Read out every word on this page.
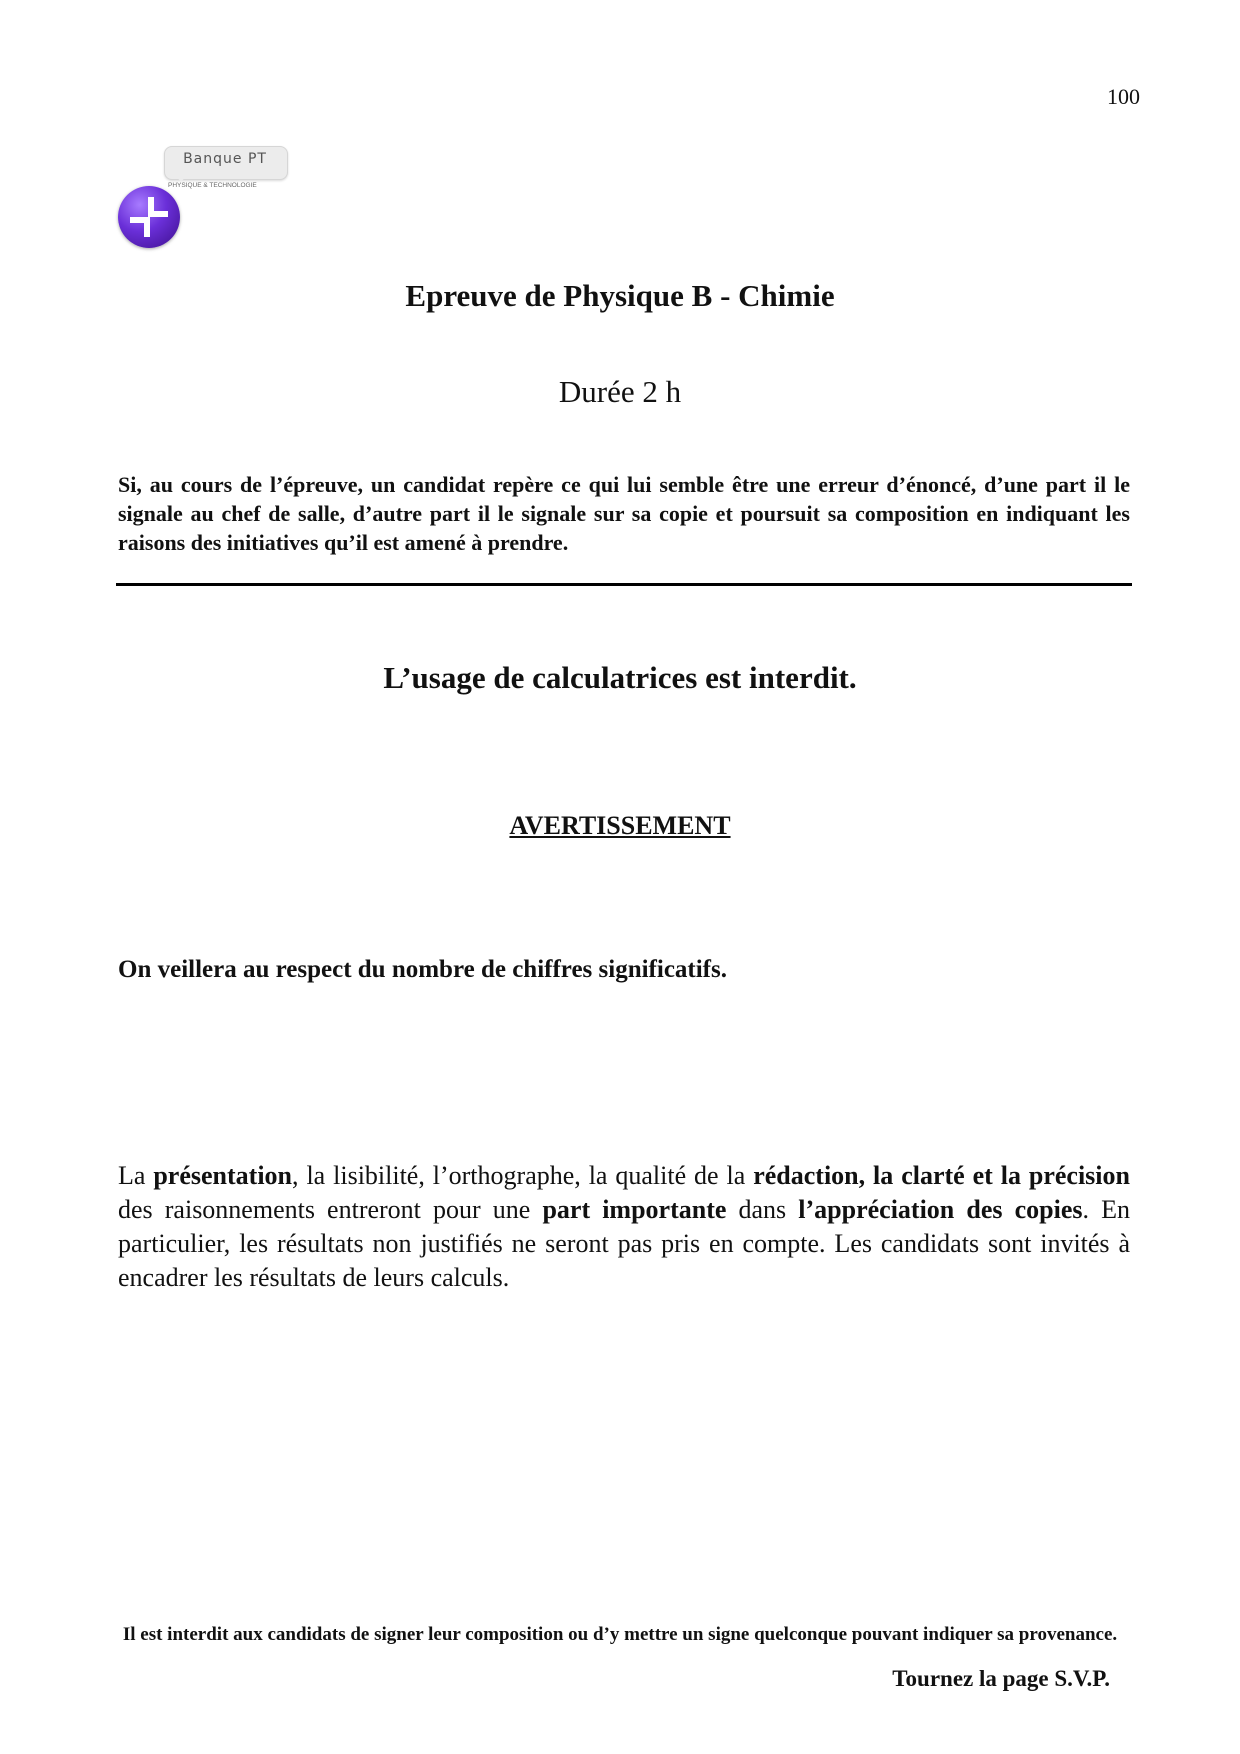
100
Banque PT
PHYSIQUE & TECHNOLOGIE
Epreuve de Physique B - Chimie
Durée 2 h
Si, au cours de l’épreuve, un candidat repère ce qui lui semble être une erreur d’énoncé, d’une part il le signale au chef de salle, d’autre part il le signale sur sa copie et poursuit sa composition en indiquant les raisons des initiatives qu’il est amené à prendre.
L’usage de calculatrices est interdit.
AVERTISSEMENT
On veillera au respect du nombre de chiffres significatifs.
La présentation, la lisibilité, l’orthographe, la qualité de la rédaction, la clarté et la précision des raisonnements entreront pour une part importante dans l’appréciation des copies. En particulier, les résultats non justifiés ne seront pas pris en compte. Les candidats sont invités à encadrer les résultats de leurs calculs.
Il est interdit aux candidats de signer leur composition ou d’y mettre un signe quelconque pouvant indiquer sa provenance.
Tournez la page S.V.P.
